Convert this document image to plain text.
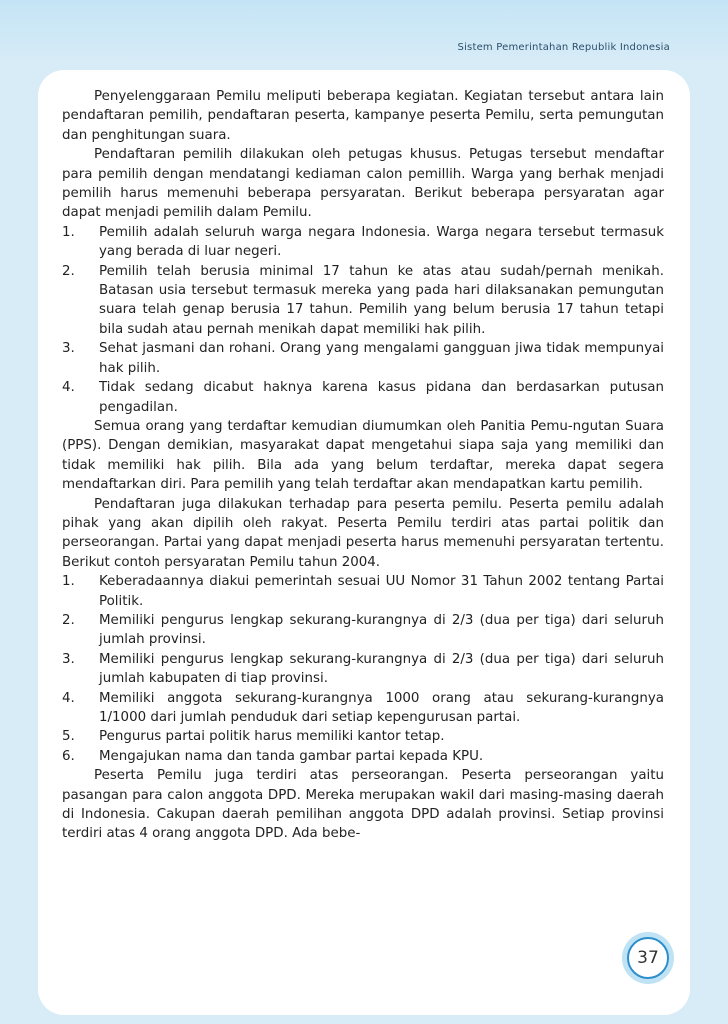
Sistem Pemerintahan Republik Indonesia

Penyelenggaraan Pemilu meliputi beberapa kegiatan. Kegiatan tersebut antara lain pendaftaran pemilih, pendaftaran peserta, kampanye peserta Pemilu, serta pemungutan dan penghitungan suara.

Pendaftaran pemilih dilakukan oleh petugas khusus. Petugas tersebut mendaftar para pemilih dengan mendatangi kediaman calon pemillih. Warga yang berhak menjadi pemilih harus memenuhi beberapa persyaratan. Berikut beberapa persyaratan agar dapat menjadi pemilih dalam Pemilu.

1. Pemilih adalah seluruh warga negara Indonesia. Warga negara tersebut termasuk yang berada di luar negeri.
2. Pemilih telah berusia minimal 17 tahun ke atas atau sudah/pernah menikah. Batasan usia tersebut termasuk mereka yang pada hari dilaksanakan pemungutan suara telah genap berusia 17 tahun. Pemilih yang belum berusia 17 tahun tetapi bila sudah atau pernah menikah dapat memiliki hak pilih.
3. Sehat jasmani dan rohani. Orang yang mengalami gangguan jiwa tidak mempunyai hak pilih.
4. Tidak sedang dicabut haknya karena kasus pidana dan berdasarkan putusan pengadilan.

Semua orang yang terdaftar kemudian diumumkan oleh Panitia Pemu-ngutan Suara (PPS). Dengan demikian, masyarakat dapat mengetahui siapa saja yang memiliki dan tidak memiliki hak pilih. Bila ada yang belum terdaftar, mereka dapat segera mendaftarkan diri. Para pemilih yang telah terdaftar akan mendapatkan kartu pemilih.

Pendaftaran juga dilakukan terhadap para peserta pemilu. Peserta pemilu adalah pihak yang akan dipilih oleh rakyat. Peserta Pemilu terdiri atas partai politik dan perseorangan. Partai yang dapat menjadi peserta harus memenuhi persyaratan tertentu. Berikut contoh persyaratan Pemilu tahun 2004.

1. Keberadaannya diakui pemerintah sesuai UU Nomor 31 Tahun 2002 tentang Partai Politik.
2. Memiliki pengurus lengkap sekurang-kurangnya di 2/3 (dua per tiga) dari seluruh jumlah provinsi.
3. Memiliki pengurus lengkap sekurang-kurangnya di 2/3 (dua per tiga) dari seluruh jumlah kabupaten di tiap provinsi.
4. Memiliki anggota sekurang-kurangnya 1000 orang atau sekurang-kurangnya 1/1000 dari jumlah penduduk dari setiap kepengurusan partai.
5. Pengurus partai politik harus memiliki kantor tetap.
6. Mengajukan nama dan tanda gambar partai kepada KPU.

Peserta Pemilu juga terdiri atas perseorangan. Peserta perseorangan yaitu pasangan para calon anggota DPD. Mereka merupakan wakil dari masing-masing daerah di Indonesia. Cakupan daerah pemilihan anggota DPD adalah provinsi. Setiap provinsi terdiri atas 4 orang anggota DPD. Ada bebe-

37
